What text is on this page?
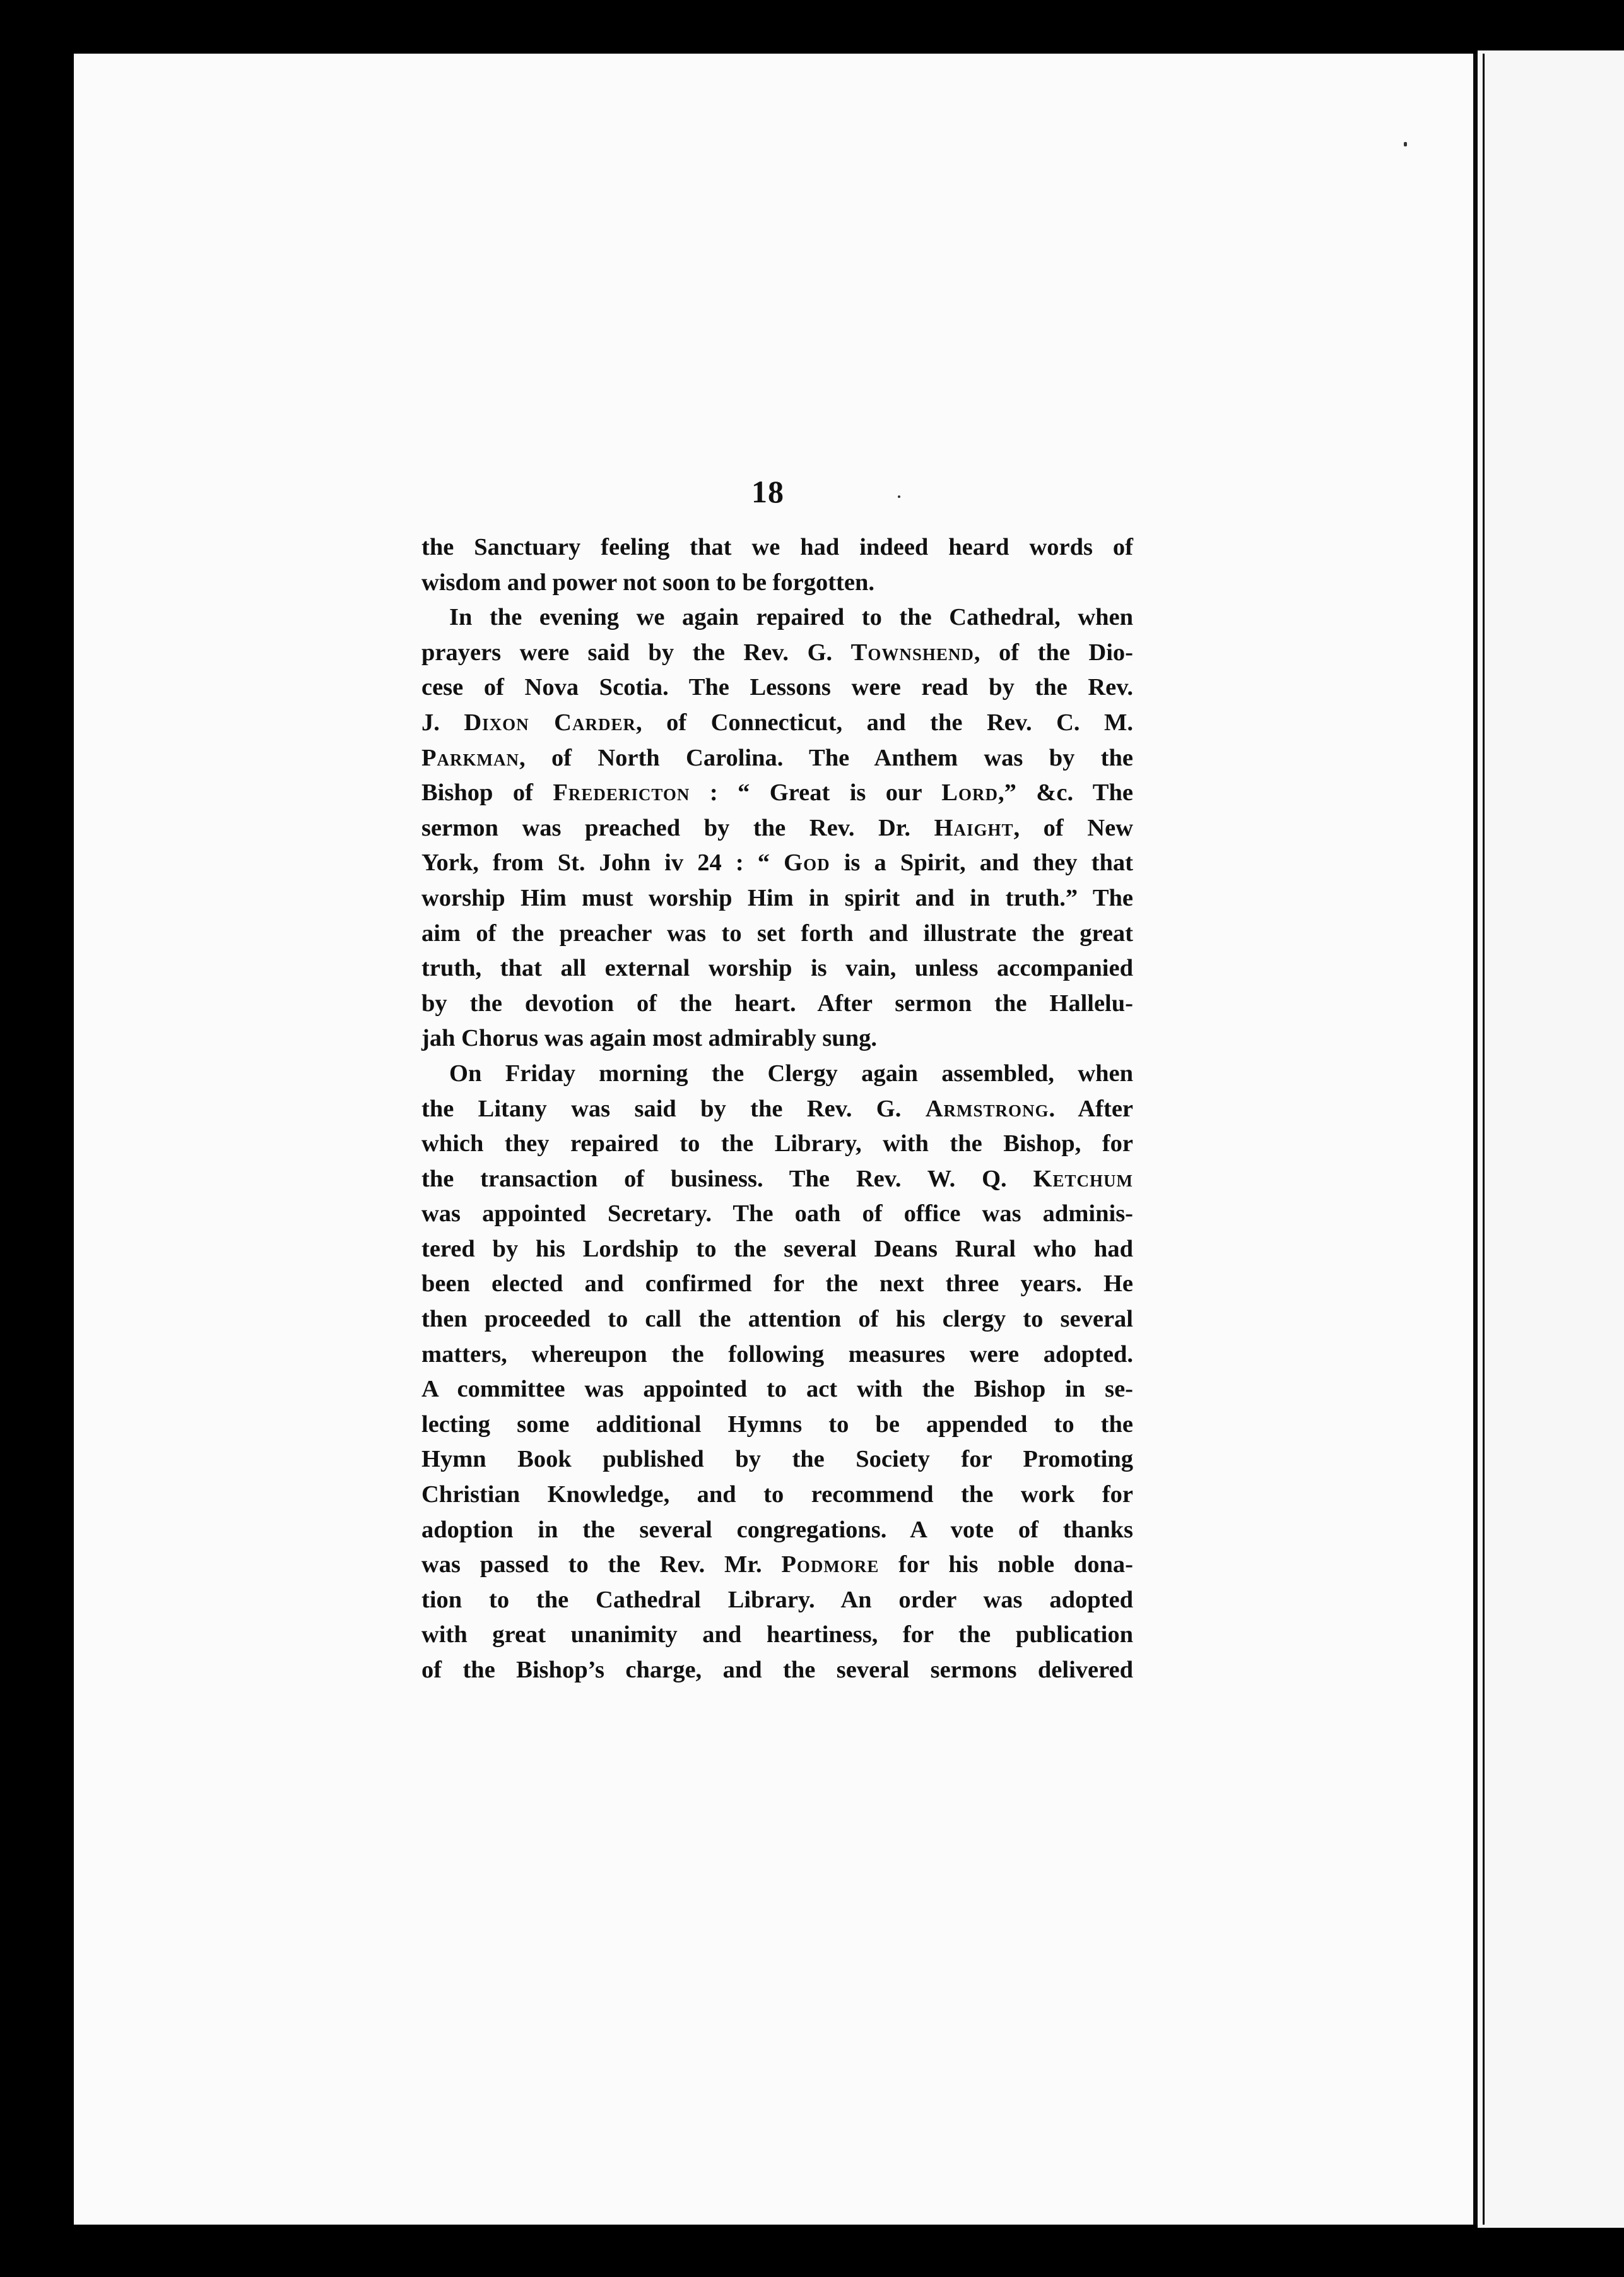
18
the Sanctuary feeling that we had indeed heard words of
wisdom and power not soon to be forgotten.
In the evening we again repaired to the Cathedral, when
prayers were said by the Rev. G. Townshend, of the Dio-
cese of Nova Scotia. The Lessons were read by the Rev.
J. Dixon Carder, of Connecticut, and the Rev. C. M.
Parkman, of North Carolina. The Anthem was by the
Bishop of Fredericton : “ Great is our Lord,” &c. The
sermon was preached by the Rev. Dr. Haight, of New
York, from St. John iv 24 : “ God is a Spirit, and they that
worship Him must worship Him in spirit and in truth.” The
aim of the preacher was to set forth and illustrate the great
truth, that all external worship is vain, unless accompanied
by the devotion of the heart. After sermon the Hallelu-
jah Chorus was again most admirably sung.
On Friday morning the Clergy again assembled, when
the Litany was said by the Rev. G. Armstrong. After
which they repaired to the Library, with the Bishop, for
the transaction of business. The Rev. W. Q. Ketchum
was appointed Secretary. The oath of office was adminis-
tered by his Lordship to the several Deans Rural who had
been elected and confirmed for the next three years. He
then proceeded to call the attention of his clergy to several
matters, whereupon the following measures were adopted.
A committee was appointed to act with the Bishop in se-
lecting some additional Hymns to be appended to the
Hymn Book published by the Society for Promoting
Christian Knowledge, and to recommend the work for
adoption in the several congregations. A vote of thanks
was passed to the Rev. Mr. Podmore for his noble dona-
tion to the Cathedral Library. An order was adopted
with great unanimity and heartiness, for the publication
of the Bishop’s charge, and the several sermons delivered
